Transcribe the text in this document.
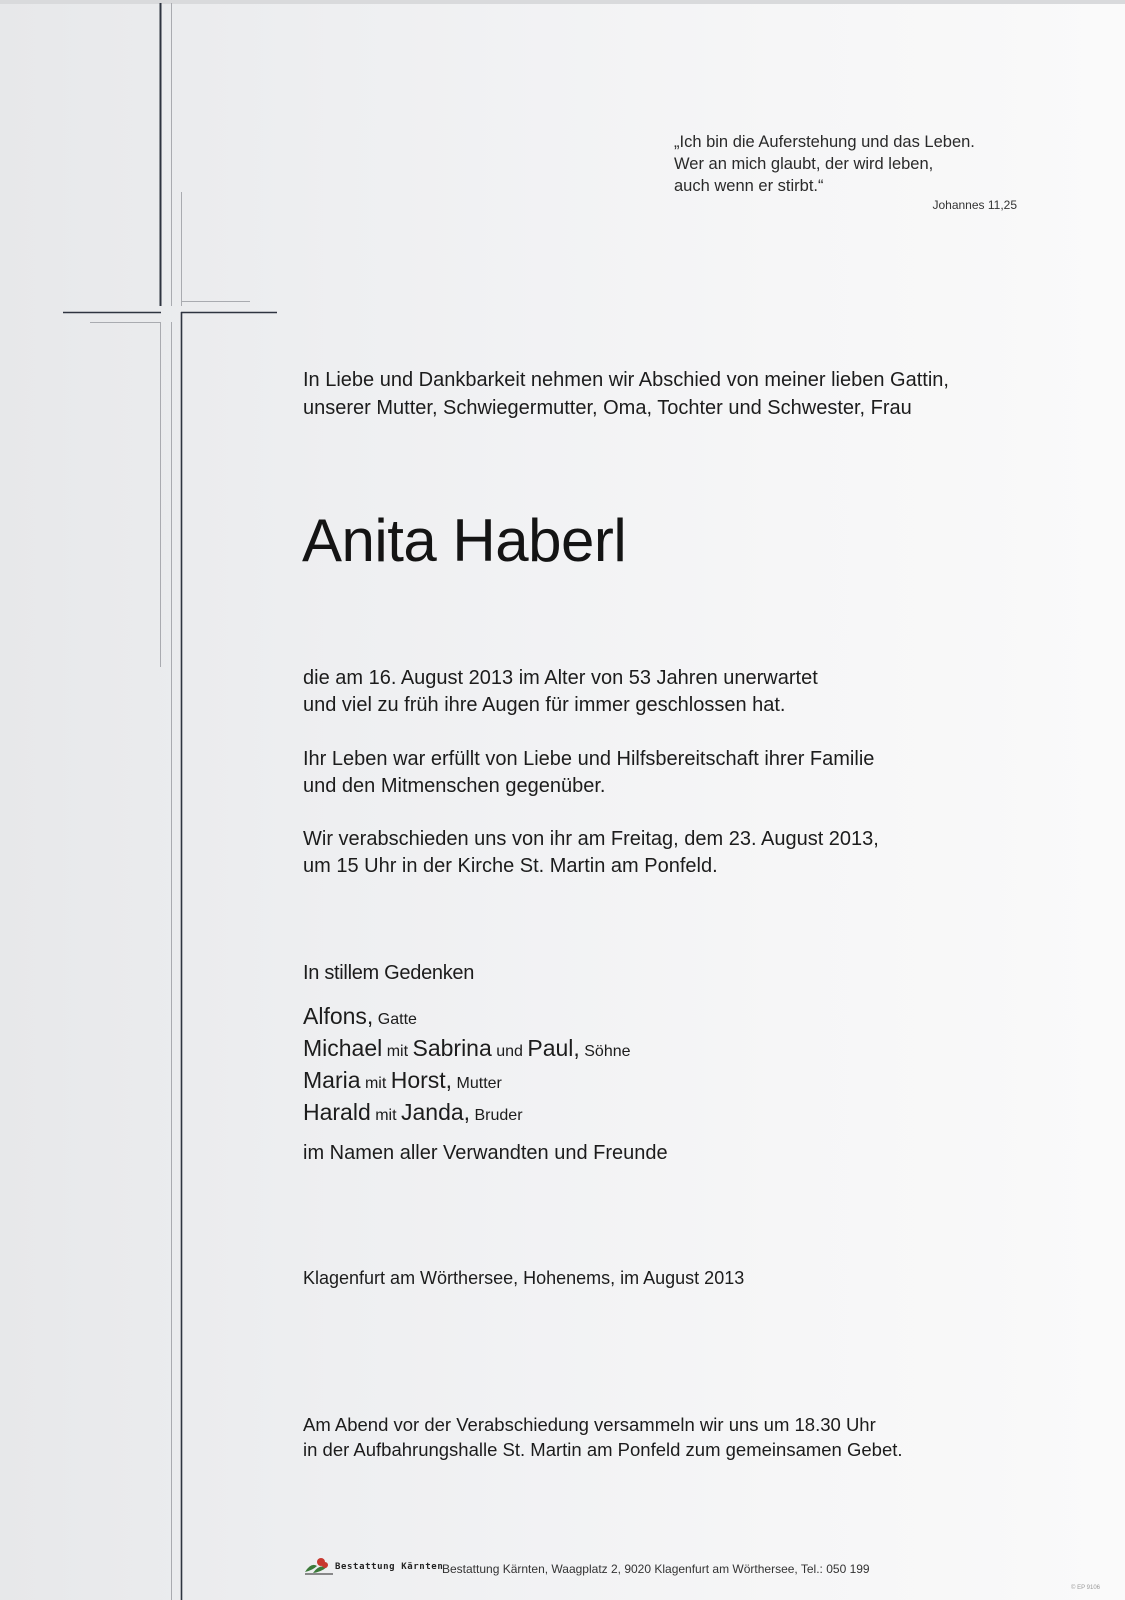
„Ich bin die Auferstehung und das Leben.
Wer an mich glaubt, der wird leben,
auch wenn er stirbt.“
Johannes 11,25
In Liebe und Dankbarkeit nehmen wir Abschied von meiner lieben Gattin,
unserer Mutter, Schwiegermutter, Oma, Tochter und Schwester, Frau
Anita Haberl
die am 16. August 2013 im Alter von 53 Jahren unerwartet
und viel zu früh ihre Augen für immer geschlossen hat.
Ihr Leben war erfüllt von Liebe und Hilfsbereitschaft ihrer Familie
und den Mitmenschen gegenüber.
Wir verabschieden uns von ihr am Freitag, dem 23. August 2013,
um 15 Uhr in der Kirche St. Martin am Ponfeld.
In stillem Gedenken
Alfons, Gatte
Michael mit Sabrina und Paul, Söhne
Maria mit Horst, Mutter
Harald mit Janda, Bruder
im Namen aller Verwandten und Freunde
Klagenfurt am Wörthersee, Hohenems, im August 2013
Am Abend vor der Verabschiedung versammeln wir uns um 18.30 Uhr
in der Aufbahrungshalle St. Martin am Ponfeld zum gemeinsamen Gebet.
Bestattung Kärnten
Bestattung Kärnten, Waagplatz 2, 9020 Klagenfurt am Wörthersee, Tel.: 050 199
© EP 9106
